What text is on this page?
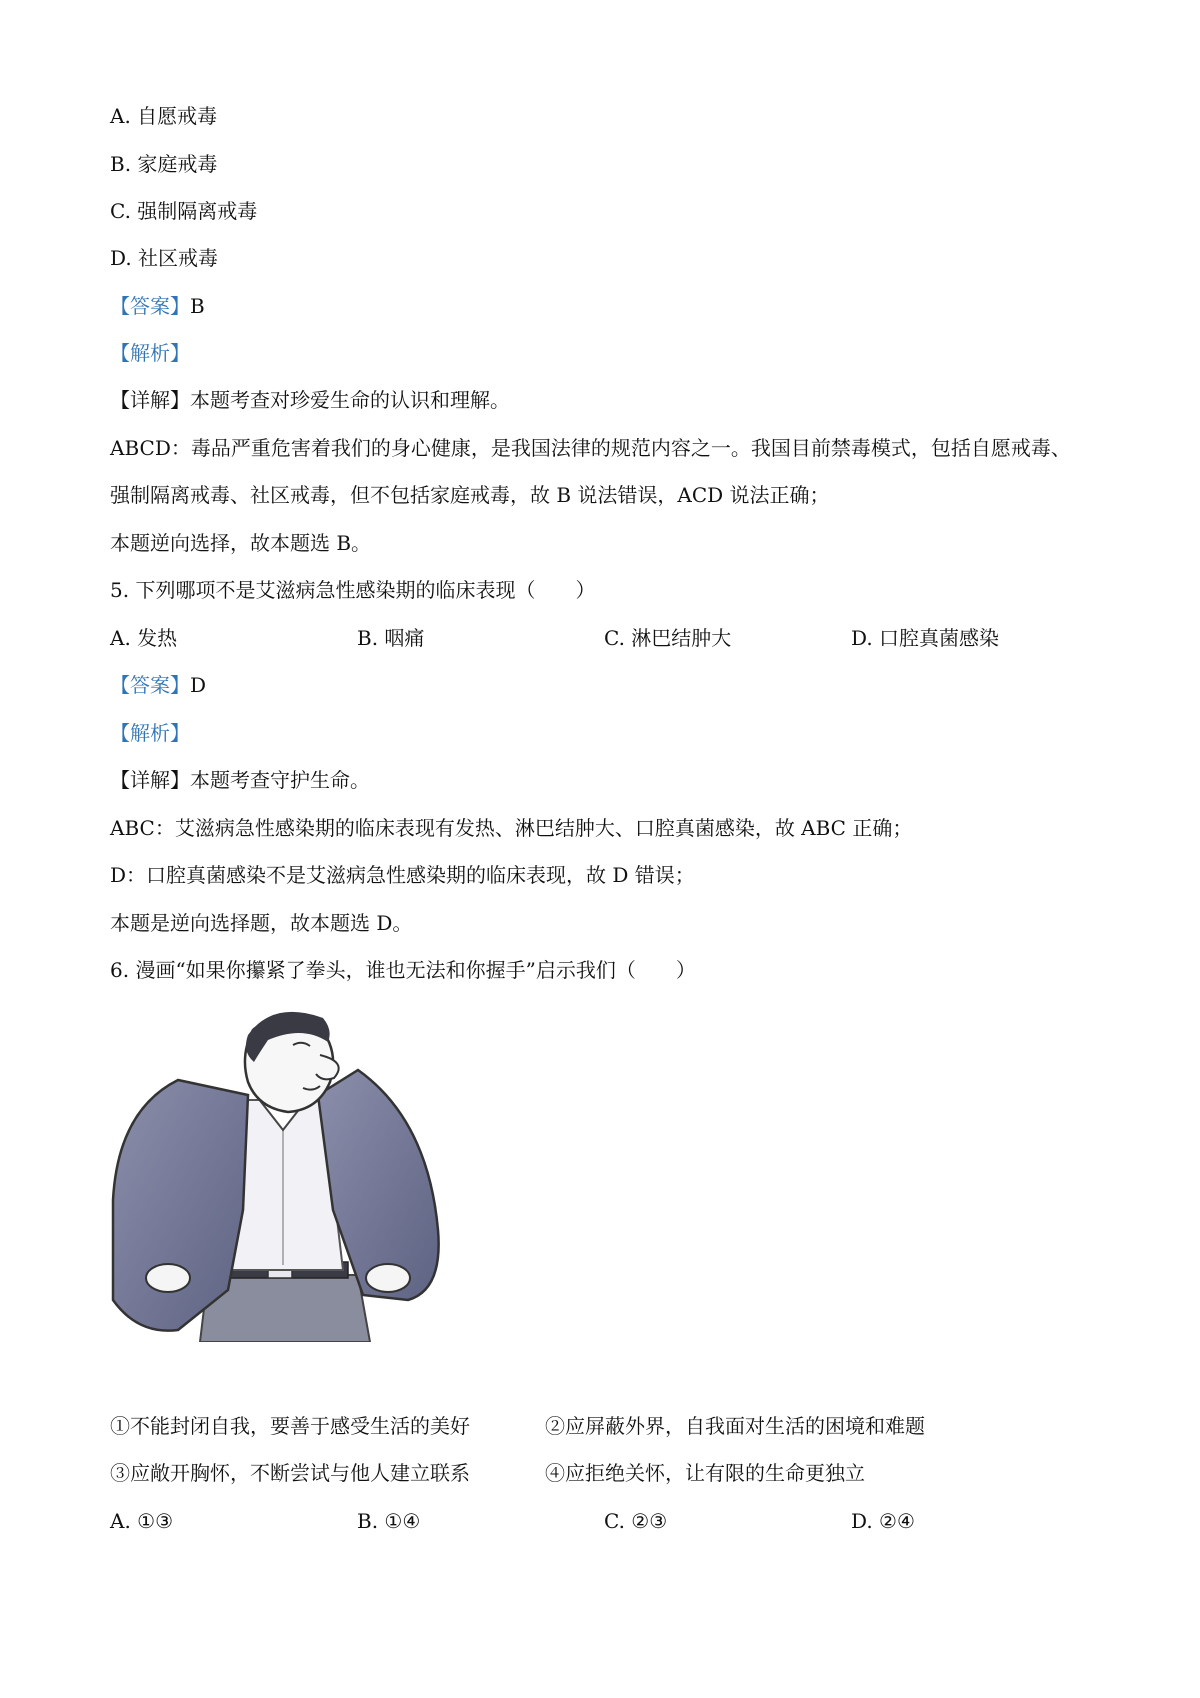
A. 自愿戒毒
B. 家庭戒毒
C. 强制隔离戒毒
D. 社区戒毒
【答案】B
【解析】
【详解】本题考查对珍爱生命的认识和理解。
ABCD：毒品严重危害着我们的身心健康，是我国法律的规范内容之一。我国目前禁毒模式，包括自愿戒毒、
强制隔离戒毒、社区戒毒，但不包括家庭戒毒，故 B 说法错误，ACD 说法正确；
本题逆向选择，故本题选 B。
5. 下列哪项不是艾滋病急性感染期的临床表现（　　）
A. 发热	B. 咽痛	C. 淋巴结肿大	D. 口腔真菌感染
【答案】D
【解析】
【详解】本题考查守护生命。
ABC：艾滋病急性感染期的临床表现有发热、淋巴结肿大、口腔真菌感染，故 ABC 正确；
D：口腔真菌感染不是艾滋病急性感染期的临床表现，故 D 错误；
本题是逆向选择题，故本题选 D。
6. 漫画“如果你攥紧了拳头，谁也无法和你握手”启示我们（　　）
①不能封闭自我，要善于感受生活的美好	②应屏蔽外界，自我面对生活的困境和难题
③应敞开胸怀，不断尝试与他人建立联系	④应拒绝关怀，让有限的生命更独立
A. ①③	B. ①④	C. ②③	D. ②④
